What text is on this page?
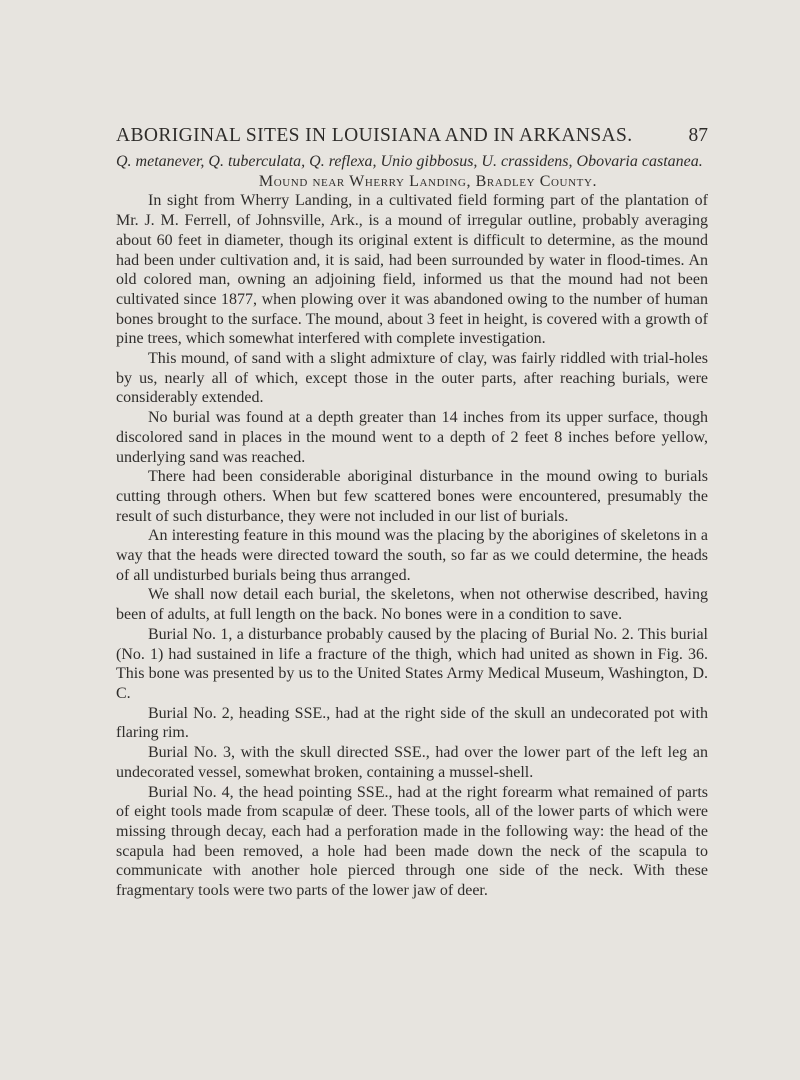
ABORIGINAL SITES IN LOUISIANA AND IN ARKANSAS.	87

Q. metanever, Q. tuberculata, Q. reflexa, Unio gibbosus, U. crassidens, Obovaria castanea.

Mound near Wherry Landing, Bradley County.

In sight from Wherry Landing, in a cultivated field forming part of the plantation of Mr. J. M. Ferrell, of Johnsville, Ark., is a mound of irregular outline, probably averaging about 60 feet in diameter, though its original extent is difficult to determine, as the mound had been under cultivation and, it is said, had been surrounded by water in flood-times. An old colored man, owning an adjoining field, informed us that the mound had not been cultivated since 1877, when plowing over it was abandoned owing to the number of human bones brought to the surface. The mound, about 3 feet in height, is covered with a growth of pine trees, which somewhat interfered with complete investigation.

This mound, of sand with a slight admixture of clay, was fairly riddled with trial-holes by us, nearly all of which, except those in the outer parts, after reaching burials, were considerably extended.

No burial was found at a depth greater than 14 inches from its upper surface, though discolored sand in places in the mound went to a depth of 2 feet 8 inches before yellow, underlying sand was reached.

There had been considerable aboriginal disturbance in the mound owing to burials cutting through others. When but few scattered bones were encountered, presumably the result of such disturbance, they were not included in our list of burials.

An interesting feature in this mound was the placing by the aborigines of skeletons in a way that the heads were directed toward the south, so far as we could determine, the heads of all undisturbed burials being thus arranged.

We shall now detail each burial, the skeletons, when not otherwise described, having been of adults, at full length on the back. No bones were in a condition to save.

Burial No. 1, a disturbance probably caused by the placing of Burial No. 2. This burial (No. 1) had sustained in life a fracture of the thigh, which had united as shown in Fig. 36. This bone was presented by us to the United States Army Medical Museum, Washington, D. C.

Burial No. 2, heading SSE., had at the right side of the skull an undecorated pot with flaring rim.

Burial No. 3, with the skull directed SSE., had over the lower part of the left leg an undecorated vessel, somewhat broken, containing a mussel-shell.

Burial No. 4, the head pointing SSE., had at the right forearm what remained of parts of eight tools made from scapulæ of deer. These tools, all of the lower parts of which were missing through decay, each had a perforation made in the following way: the head of the scapula had been removed, a hole had been made down the neck of the scapula to communicate with another hole pierced through one side of the neck. With these fragmentary tools were two parts of the lower jaw of deer.
